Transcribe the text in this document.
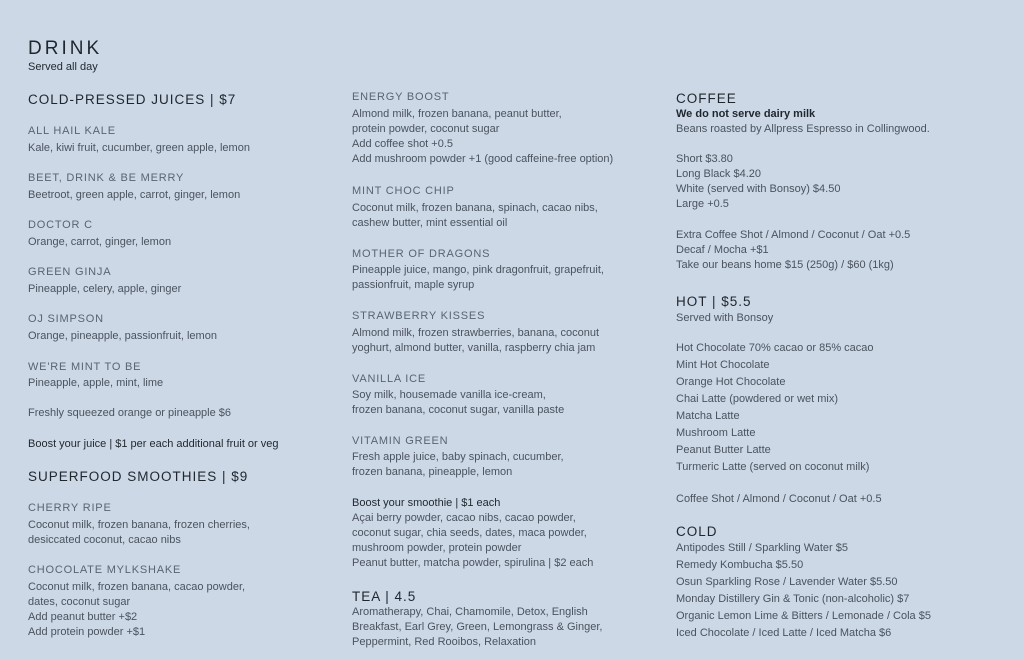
DRINK
Served all day
COLD-PRESSED JUICES | $7
ALL HAIL KALE
Kale, kiwi fruit, cucumber, green apple, lemon
BEET, DRINK & BE MERRY
Beetroot, green apple, carrot, ginger, lemon
DOCTOR C
Orange, carrot, ginger, lemon
GREEN GINJA
Pineapple, celery, apple, ginger
OJ SIMPSON
Orange, pineapple, passionfruit, lemon
WE'RE MINT TO BE
Pineapple, apple, mint, lime
Freshly squeezed orange or pineapple $6
Boost your juice | $1 per each additional fruit or veg
SUPERFOOD SMOOTHIES | $9
CHERRY RIPE
Coconut milk, frozen banana, frozen cherries,
desiccated coconut, cacao nibs
CHOCOLATE MYLKSHAKE
Coconut milk, frozen banana, cacao powder,
dates, coconut sugar
Add peanut butter +$2
Add protein powder +$1
ENERGY BOOST
Almond milk, frozen banana, peanut butter,
protein powder, coconut sugar
Add coffee shot +0.5
Add mushroom powder +1 (good caffeine-free option)
MINT CHOC CHIP
Coconut milk, frozen banana, spinach, cacao nibs,
cashew butter, mint essential oil
MOTHER OF DRAGONS
Pineapple juice, mango, pink dragonfruit, grapefruit,
passionfruit, maple syrup
STRAWBERRY KISSES
Almond milk, frozen strawberries, banana, coconut
yoghurt, almond butter, vanilla, raspberry chia jam
VANILLA ICE
Soy milk, housemade vanilla ice-cream,
frozen banana, coconut sugar, vanilla paste
VITAMIN GREEN
Fresh apple juice, baby spinach, cucumber,
frozen banana, pineapple, lemon
Boost your smoothie | $1 each
Açai berry powder, cacao nibs, cacao powder,
coconut sugar, chia seeds, dates, maca powder,
mushroom powder, protein powder
Peanut butter, matcha powder, spirulina | $2 each
TEA | 4.5
Aromatherapy, Chai, Chamomile, Detox, English
Breakfast, Earl Grey, Green, Lemongrass & Ginger,
Peppermint, Red Rooibos, Relaxation
COFFEE
We do not serve dairy milk
Beans roasted by Allpress Espresso in Collingwood.
Short $3.80
Long Black $4.20
White (served with Bonsoy) $4.50
Large +0.5
Extra Coffee Shot / Almond / Coconut / Oat +0.5
Decaf / Mocha +$1
Take our beans home $15 (250g) / $60 (1kg)
HOT | $5.5
Served with Bonsoy
Hot Chocolate 70% cacao or 85% cacao
Mint Hot Chocolate
Orange Hot Chocolate
Chai Latte (powdered or wet mix)
Matcha Latte
Mushroom Latte
Peanut Butter Latte
Turmeric Latte (served on coconut milk)
Coffee Shot / Almond / Coconut / Oat +0.5
COLD
Antipodes Still / Sparkling Water $5
Remedy Kombucha $5.50
Osun Sparkling Rose / Lavender Water $5.50
Monday Distillery Gin & Tonic (non-alcoholic) $7
Organic Lemon Lime & Bitters / Lemonade / Cola $5
Iced Chocolate / Iced Latte / Iced Matcha $6
